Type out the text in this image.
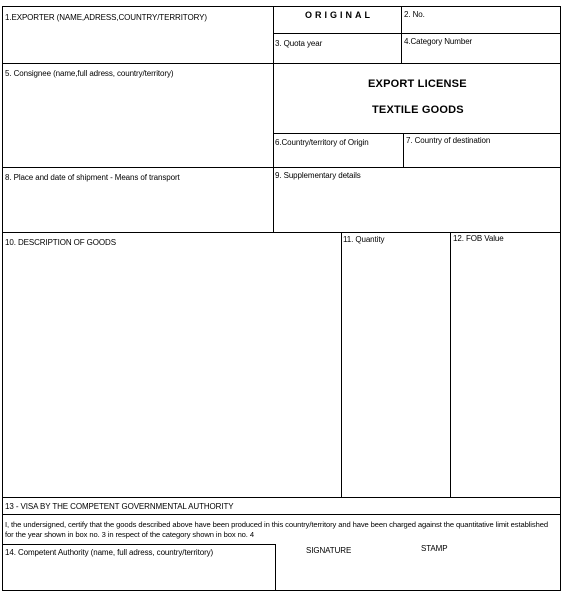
1.EXPORTER (NAME,ADRESS,COUNTRY/TERRITORY)	ORIGINAL	2. No.
3. Quota year	4.Category Number
5. Consignee (name,full adress, country/territory)
EXPORT LICENSE
TEXTILE GOODS
6.Country/territory of Origin	7. Country of destination
8. Place and date of shipment - Means of transport	9. Supplementary details
10. DESCRIPTION OF GOODS	11. Quantity	12. FOB Value
13 - VISA BY THE COMPETENT GOVERNMENTAL AUTHORITY
I, the undersigned, certify that the goods described above have been produced in this country/territory and have been charged against the quantitative limit established for the year shown in box no. 3 in respect of the category shown in box no. 4
14. Competent Authority (name, full adress, country/territory)	SIGNATURE	STAMP
